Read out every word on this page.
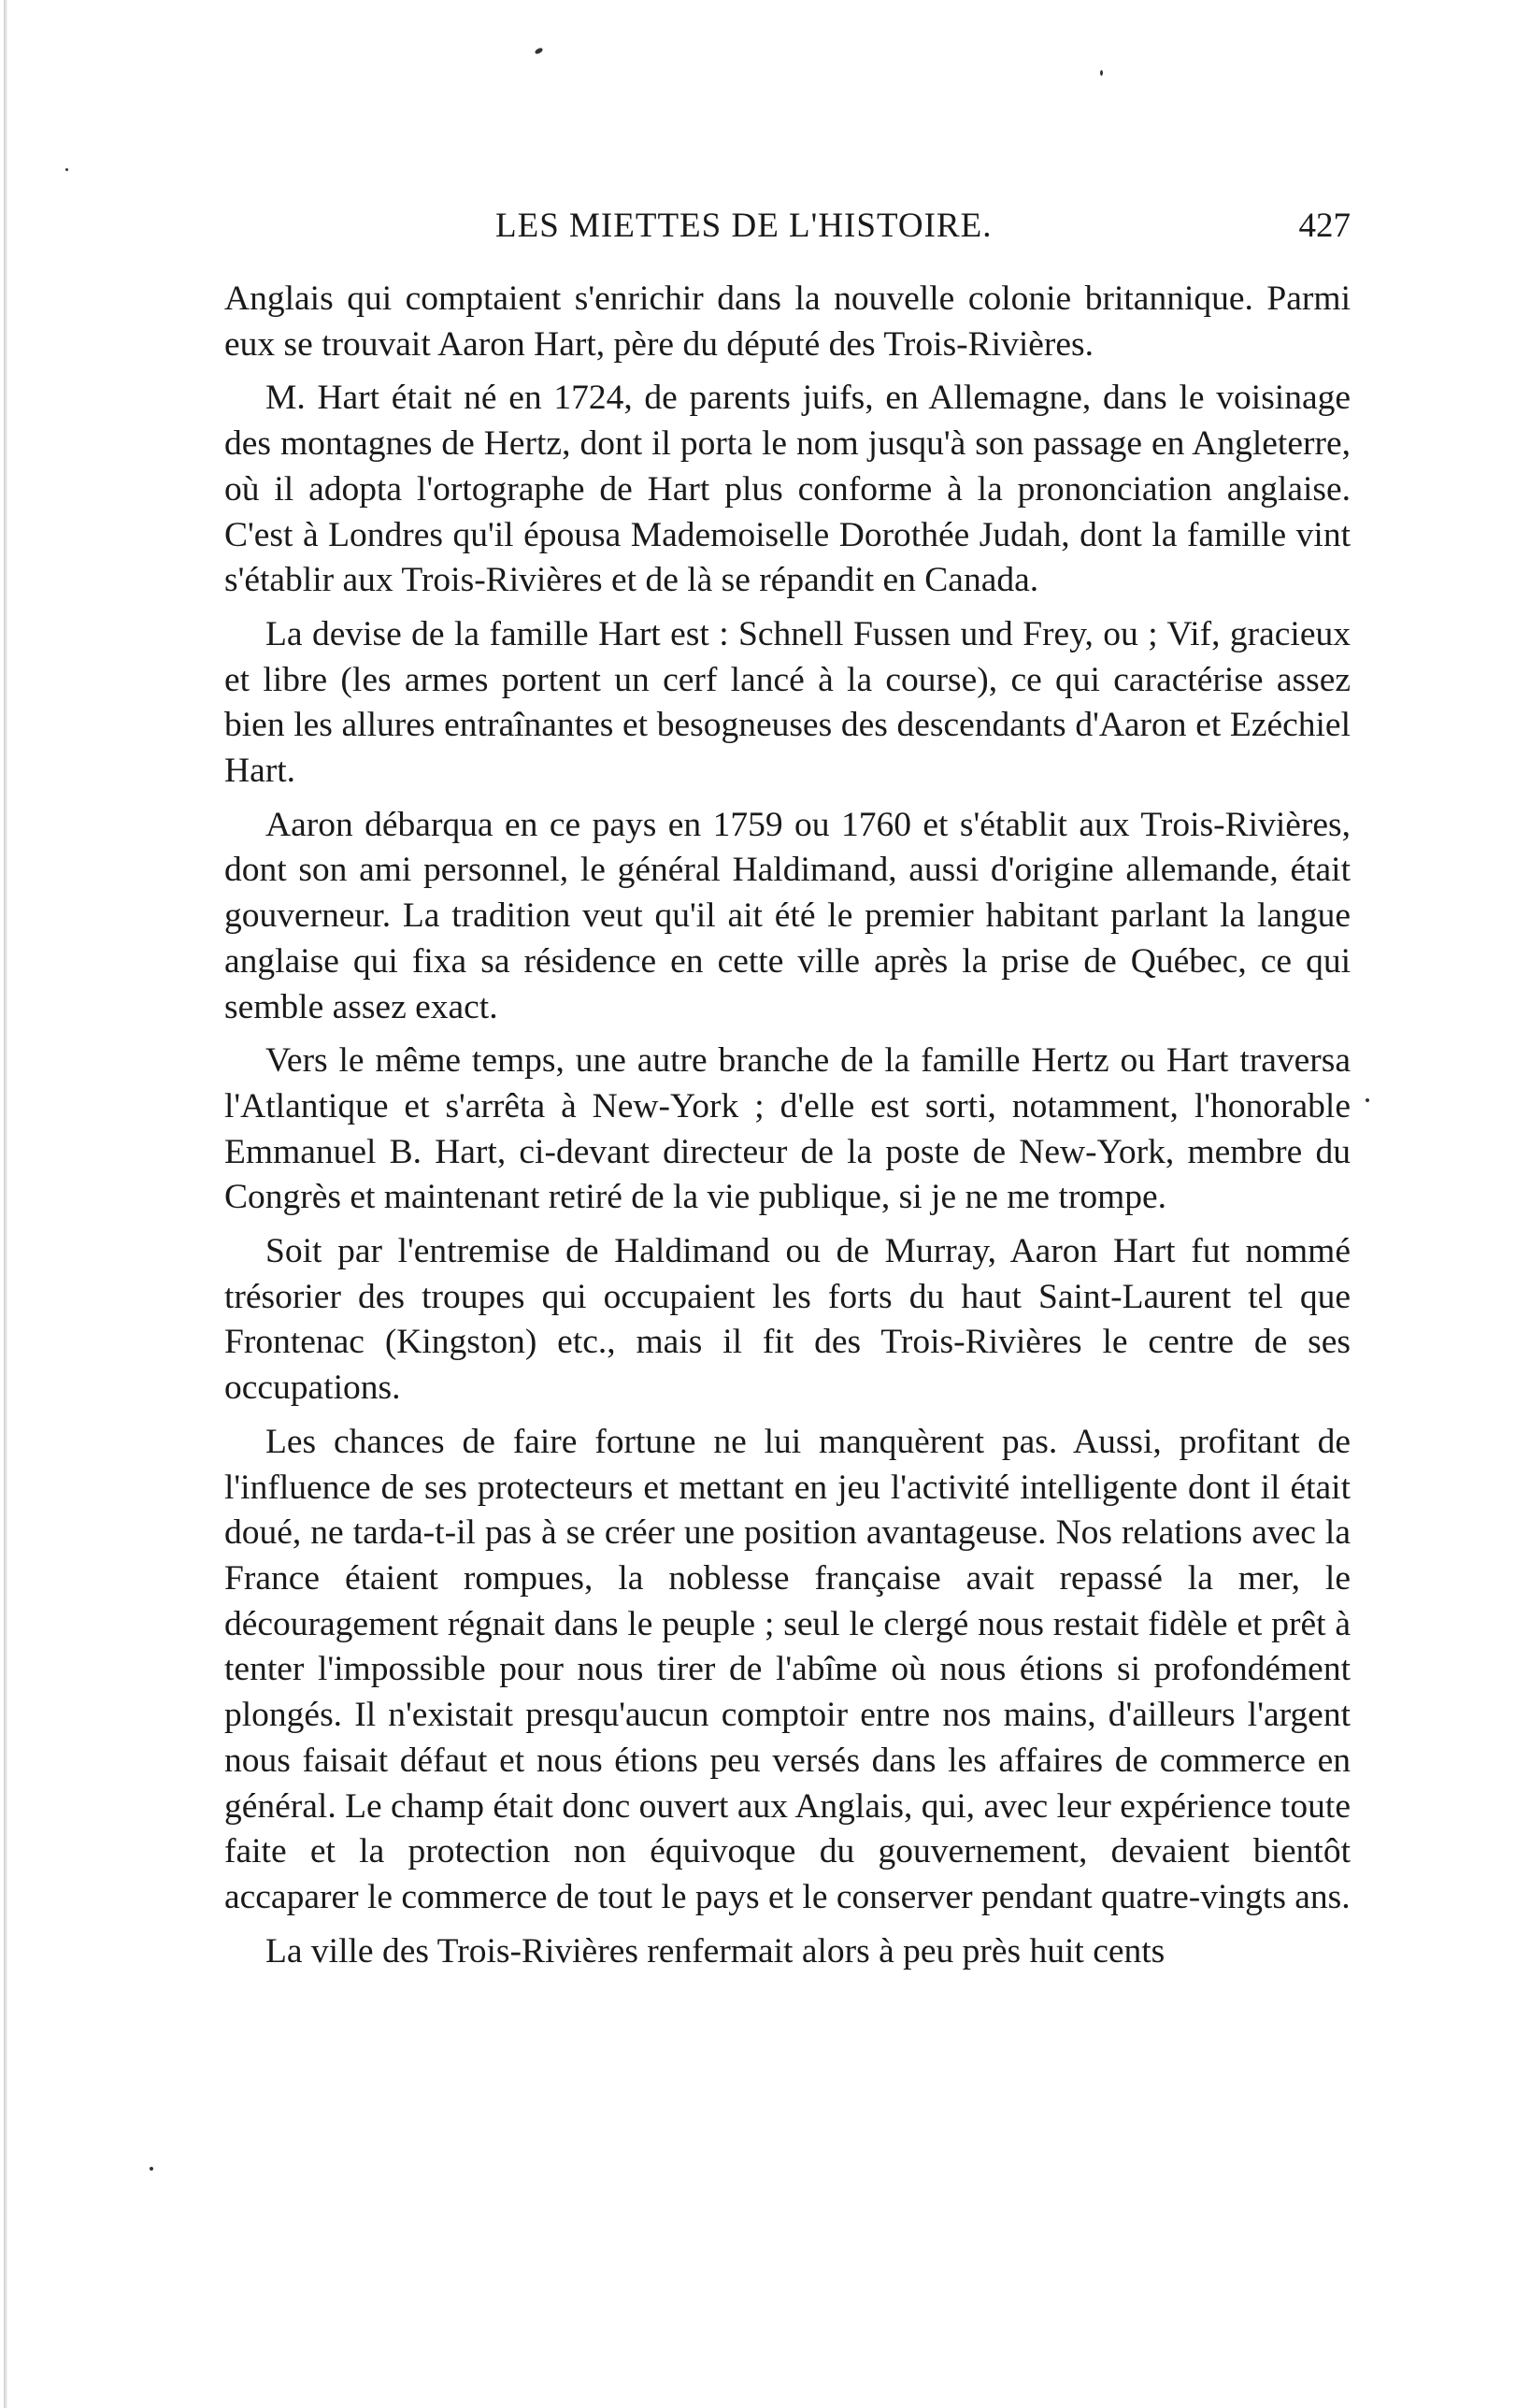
LES MIETTES DE L'HISTOIRE.	427

Anglais qui comptaient s'enrichir dans la nouvelle colonie britannique. Parmi eux se trouvait Aaron Hart, père du député des Trois-Rivières.

M. Hart était né en 1724, de parents juifs, en Allemagne, dans le voisinage des montagnes de Hertz, dont il porta le nom jusqu'à son passage en Angleterre, où il adopta l'ortographe de Hart plus conforme à la prononciation anglaise. C'est à Londres qu'il épousa Mademoiselle Dorothée Judah, dont la famille vint s'établir aux Trois-Rivières et de là se répandit en Canada.

La devise de la famille Hart est : Schnell Fussen und Frey, ou ; Vif, gracieux et libre (les armes portent un cerf lancé à la course), ce qui caractérise assez bien les allures entraînantes et besogneuses des descendants d'Aaron et Ezéchiel Hart.

Aaron débarqua en ce pays en 1759 ou 1760 et s'établit aux Trois-Rivières, dont son ami personnel, le général Haldimand, aussi d'origine allemande, était gouverneur. La tradition veut qu'il ait été le premier habitant parlant la langue anglaise qui fixa sa résidence en cette ville après la prise de Québec, ce qui semble assez exact.

Vers le même temps, une autre branche de la famille Hertz ou Hart traversa l'Atlantique et s'arrêta à New-York ; d'elle est sorti, notamment, l'honorable Emmanuel B. Hart, ci-devant directeur de la poste de New-York, membre du Congrès et maintenant retiré de la vie publique, si je ne me trompe.

Soit par l'entremise de Haldimand ou de Murray, Aaron Hart fut nommé trésorier des troupes qui occupaient les forts du haut Saint-Laurent tel que Frontenac (Kingston) etc., mais il fit des Trois-Rivières le centre de ses occupations.

Les chances de faire fortune ne lui manquèrent pas. Aussi, profitant de l'influence de ses protecteurs et mettant en jeu l'activité intelligente dont il était doué, ne tarda-t-il pas à se créer une position avantageuse. Nos relations avec la France étaient rompues, la noblesse française avait repassé la mer, le découragement régnait dans le peuple ; seul le clergé nous restait fidèle et prêt à tenter l'impossible pour nous tirer de l'abîme où nous étions si profondément plongés. Il n'existait presqu'aucun comptoir entre nos mains, d'ailleurs l'argent nous faisait défaut et nous étions peu versés dans les affaires de commerce en général. Le champ était donc ouvert aux Anglais, qui, avec leur expérience toute faite et la protection non équivoque du gouvernement, devaient bientôt accaparer le commerce de tout le pays et le conserver pendant quatre-vingts ans.

La ville des Trois-Rivières renfermait alors à peu près huit cents
